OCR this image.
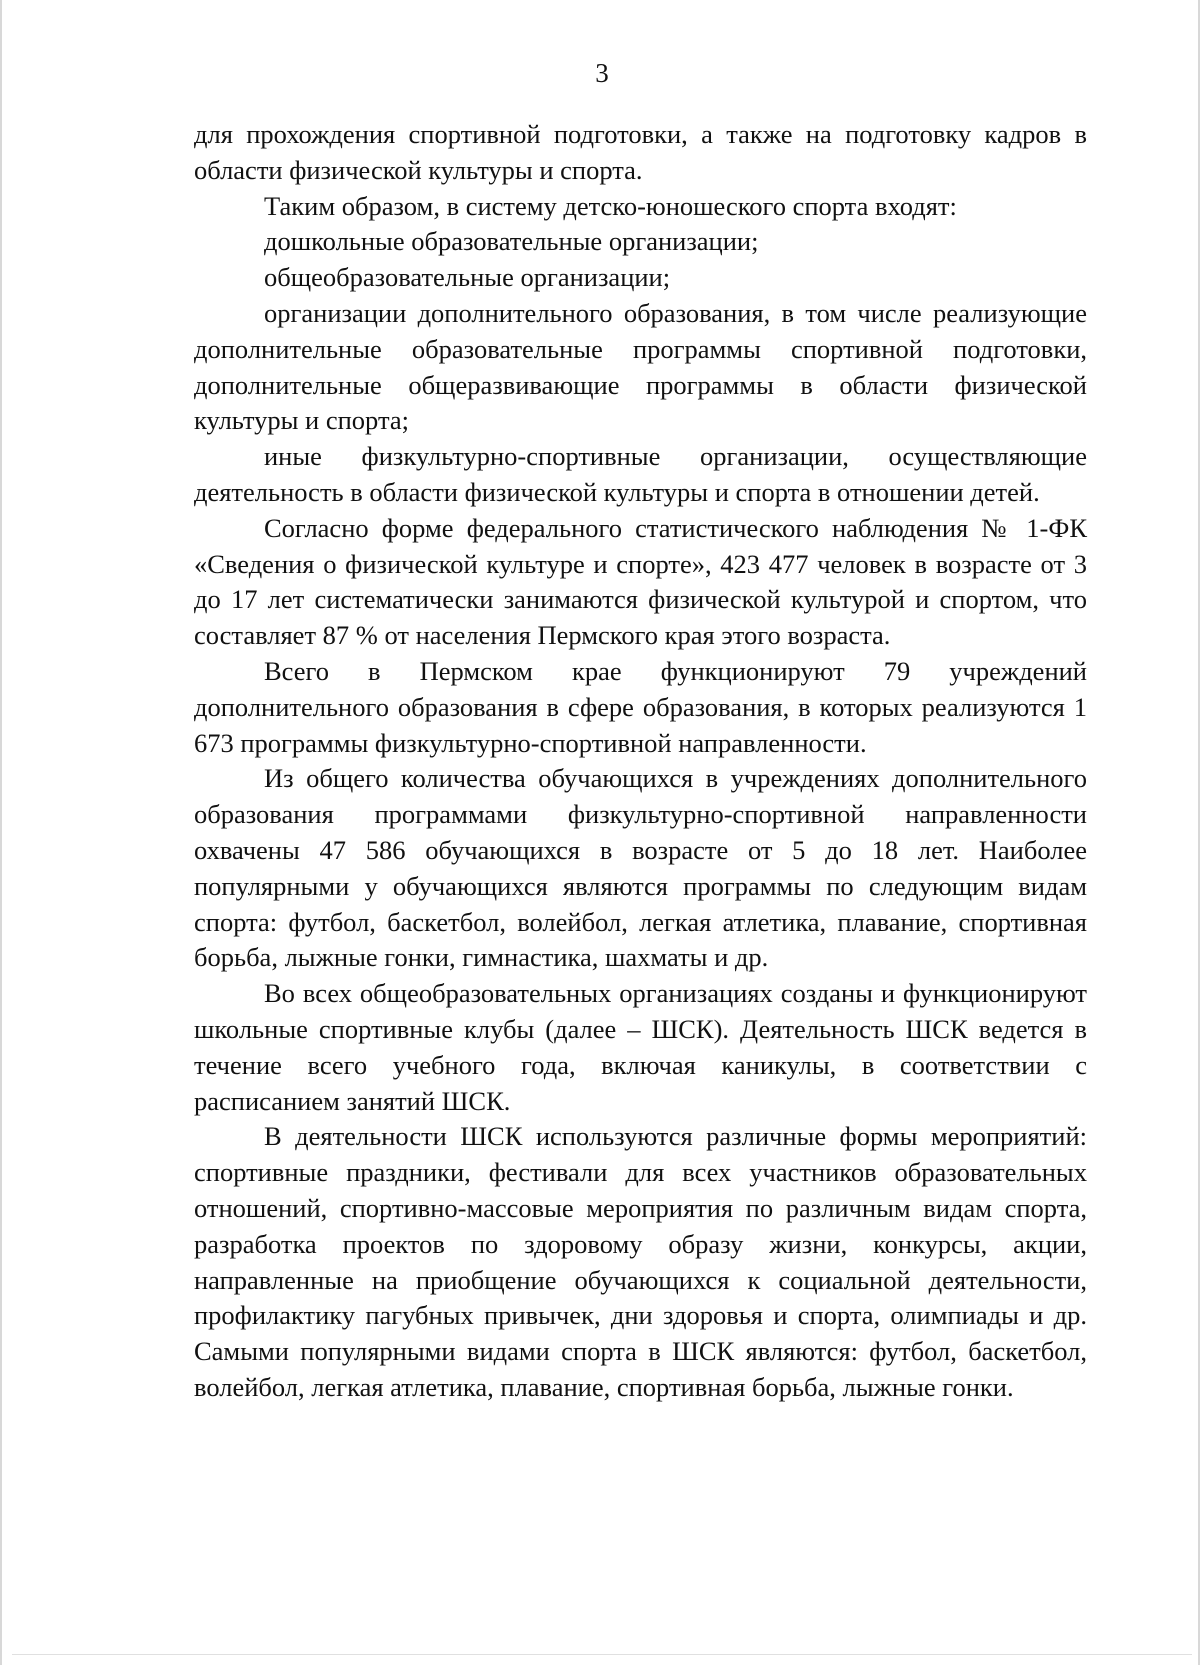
3

для прохождения спортивной подготовки, а также на подготовку кадров в области физической культуры и спорта.

Таким образом, в систему детско-юношеского спорта входят:

дошкольные образовательные организации;

общеобразовательные организации;

организации дополнительного образования, в том числе реализующие дополнительные образовательные программы спортивной подготовки, дополнительные общеразвивающие программы в области физической культуры и спорта;

иные физкультурно-спортивные организации, осуществляющие деятельность в области физической культуры и спорта в отношении детей.

Согласно форме федерального статистического наблюдения № 1-ФК «Сведения о физической культуре и спорте», 423 477 человек в возрасте от 3 до 17 лет систематически занимаются физической культурой и спортом, что составляет 87 % от населения Пермского края этого возраста.

Всего в Пермском крае функционируют 79 учреждений дополнительного образования в сфере образования, в которых реализуются 1 673 программы физкультурно-спортивной направленности.

Из общего количества обучающихся в учреждениях дополнительного образования программами физкультурно-спортивной направленности охвачены 47 586 обучающихся в возрасте от 5 до 18 лет. Наиболее популярными у обучающихся являются программы по следующим видам спорта: футбол, баскетбол, волейбол, легкая атлетика, плавание, спортивная борьба, лыжные гонки, гимнастика, шахматы и др.

Во всех общеобразовательных организациях созданы и функционируют школьные спортивные клубы (далее – ШСК). Деятельность ШСК ведется в течение всего учебного года, включая каникулы, в соответствии с расписанием занятий ШСК.

В деятельности ШСК используются различные формы мероприятий: спортивные праздники, фестивали для всех участников образовательных отношений, спортивно-массовые мероприятия по различным видам спорта, разработка проектов по здоровому образу жизни, конкурсы, акции, направленные на приобщение обучающихся к социальной деятельности, профилактику пагубных привычек, дни здоровья и спорта, олимпиады и др. Самыми популярными видами спорта в ШСК являются: футбол, баскетбол, волейбол, легкая атлетика, плавание, спортивная борьба, лыжные гонки.
